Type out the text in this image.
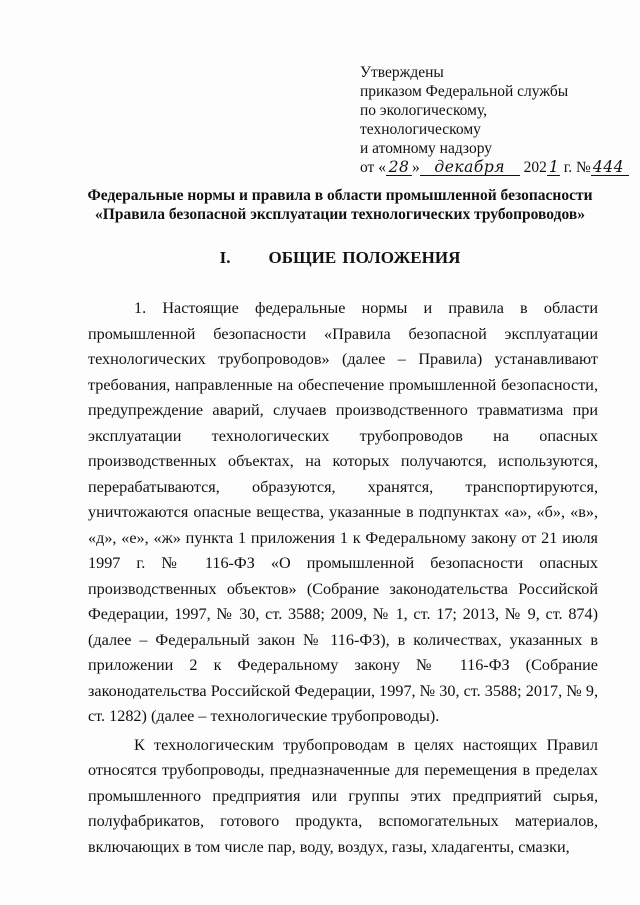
Утверждены
приказом Федеральной службы
по экологическому,
технологическому
и атомному надзору
от « 28 » декабря 202 1 г. № 444
Федеральные нормы и правила в области промышленной безопасности
«Правила безопасной эксплуатации технологических трубопроводов»
I. ОБЩИЕ ПОЛОЖЕНИЯ

1. Настоящие федеральные нормы и правила в области промышленной безопасности «Правила безопасной эксплуатации технологических трубопроводов» (далее – Правила) устанавливают требования, направленные на обеспечение промышленной безопасности, предупреждение аварий, случаев производственного травматизма при эксплуатации технологических трубопроводов на опасных производственных объектах, на которых получаются, используются, перерабатываются, образуются, хранятся, транспортируются, уничтожаются опасные вещества, указанные в подпунктах «а», «б», «в», «д», «е», «ж» пункта 1 приложения 1 к Федеральному закону от 21 июля 1997 г. № 116-ФЗ «О промышленной безопасности опасных производственных объектов» (Собрание законодательства Российской Федерации, 1997, № 30, ст. 3588; 2009, № 1, ст. 17; 2013, № 9, ст. 874) (далее – Федеральный закон № 116-ФЗ), в количествах, указанных в приложении 2 к Федеральному закону № 116-ФЗ (Собрание законодательства Российской Федерации, 1997, № 30, ст. 3588; 2017, № 9, ст. 1282) (далее – технологические трубопроводы).

К технологическим трубопроводам в целях настоящих Правил относятся трубопроводы, предназначенные для перемещения в пределах промышленного предприятия или группы этих предприятий сырья, полуфабрикатов, готового продукта, вспомогательных материалов, включающих в том числе пар, воду, воздух, газы, хладагенты, смазки,
